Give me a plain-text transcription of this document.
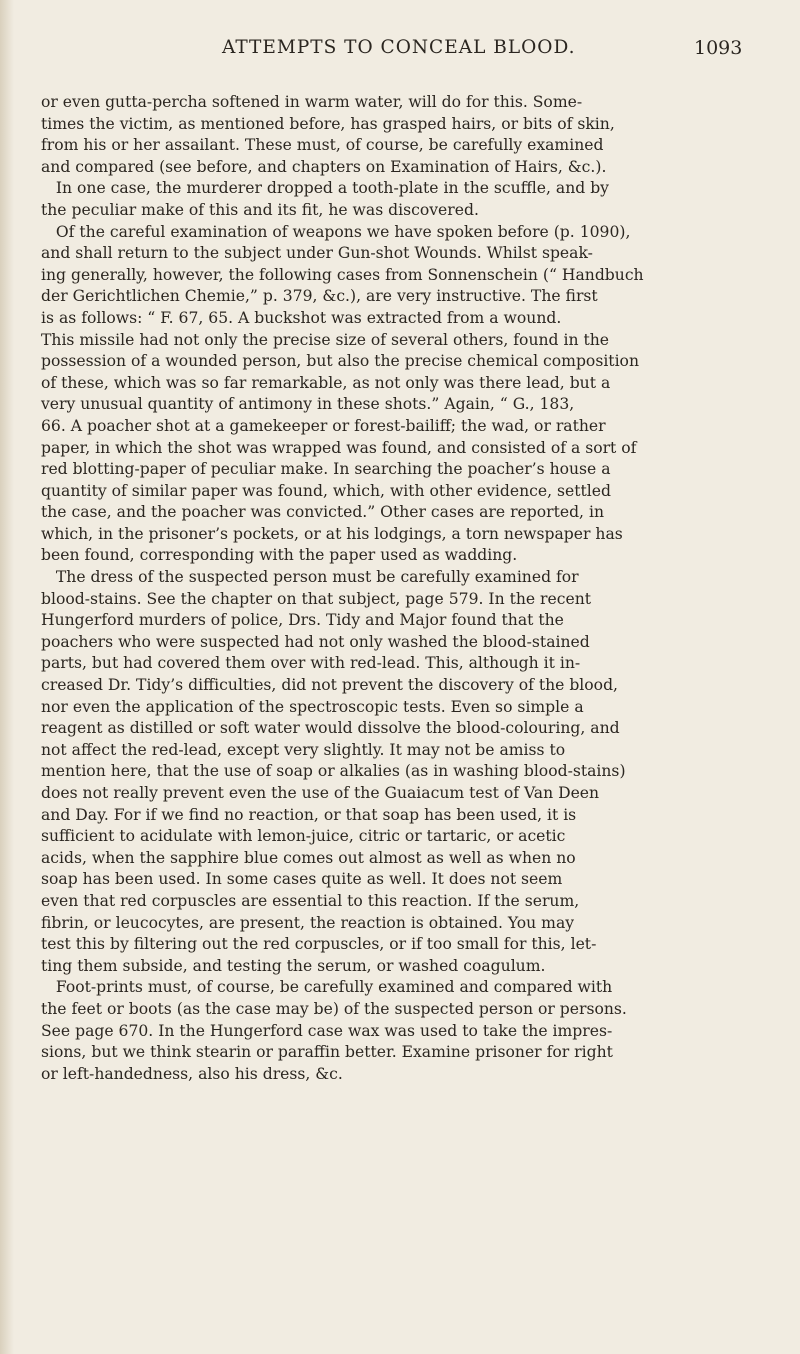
ATTEMPTS TO CONCEAL BLOOD.	1093
or even gutta-percha softened in warm water, will do for this. Some-
times the victim, as mentioned before, has grasped hairs, or bits of skin,
from his or her assailant. These must, of course, be carefully examined
and compared (see before, and chapters on Examination of Hairs, &c.).
In one case, the murderer dropped a tooth-plate in the scuffle, and by
the peculiar make of this and its fit, he was discovered.
Of the careful examination of weapons we have spoken before (p. 1090),
and shall return to the subject under Gun-shot Wounds. Whilst speak-
ing generally, however, the following cases from Sonnenschein (“ Handbuch
der Gerichtlichen Chemie,” p. 379, &c.), are very instructive. The first
is as follows: “ F. 67, 65. A buckshot was extracted from a wound.
This missile had not only the precise size of several others, found in the
possession of a wounded person, but also the precise chemical composition
of these, which was so far remarkable, as not only was there lead, but a
very unusual quantity of antimony in these shots.” Again, “ G., 183,
66. A poacher shot at a gamekeeper or forest-bailiff; the wad, or rather
paper, in which the shot was wrapped was found, and consisted of a sort of
red blotting-paper of peculiar make. In searching the poacher’s house a
quantity of similar paper was found, which, with other evidence, settled
the case, and the poacher was convicted.” Other cases are reported, in
which, in the prisoner’s pockets, or at his lodgings, a torn newspaper has
been found, corresponding with the paper used as wadding.
The dress of the suspected person must be carefully examined for
blood-stains. See the chapter on that subject, page 579. In the recent
Hungerford murders of police, Drs. Tidy and Major found that the
poachers who were suspected had not only washed the blood-stained
parts, but had covered them over with red-lead. This, although it in-
creased Dr. Tidy’s difficulties, did not prevent the discovery of the blood,
nor even the application of the spectroscopic tests. Even so simple a
reagent as distilled or soft water would dissolve the blood-colouring, and
not affect the red-lead, except very slightly. It may not be amiss to
mention here, that the use of soap or alkalies (as in washing blood-stains)
does not really prevent even the use of the Guaiacum test of Van Deen
and Day. For if we find no reaction, or that soap has been used, it is
sufficient to acidulate with lemon-juice, citric or tartaric, or acetic
acids, when the sapphire blue comes out almost as well as when no
soap has been used. In some cases quite as well. It does not seem
even that red corpuscles are essential to this reaction. If the serum,
fibrin, or leucocytes, are present, the reaction is obtained. You may
test this by filtering out the red corpuscles, or if too small for this, let-
ting them subside, and testing the serum, or washed coagulum.
Foot-prints must, of course, be carefully examined and compared with
the feet or boots (as the case may be) of the suspected person or persons.
See page 670. In the Hungerford case wax was used to take the impres-
sions, but we think stearin or paraffin better. Examine prisoner for right
or left-handedness, also his dress, &c.
